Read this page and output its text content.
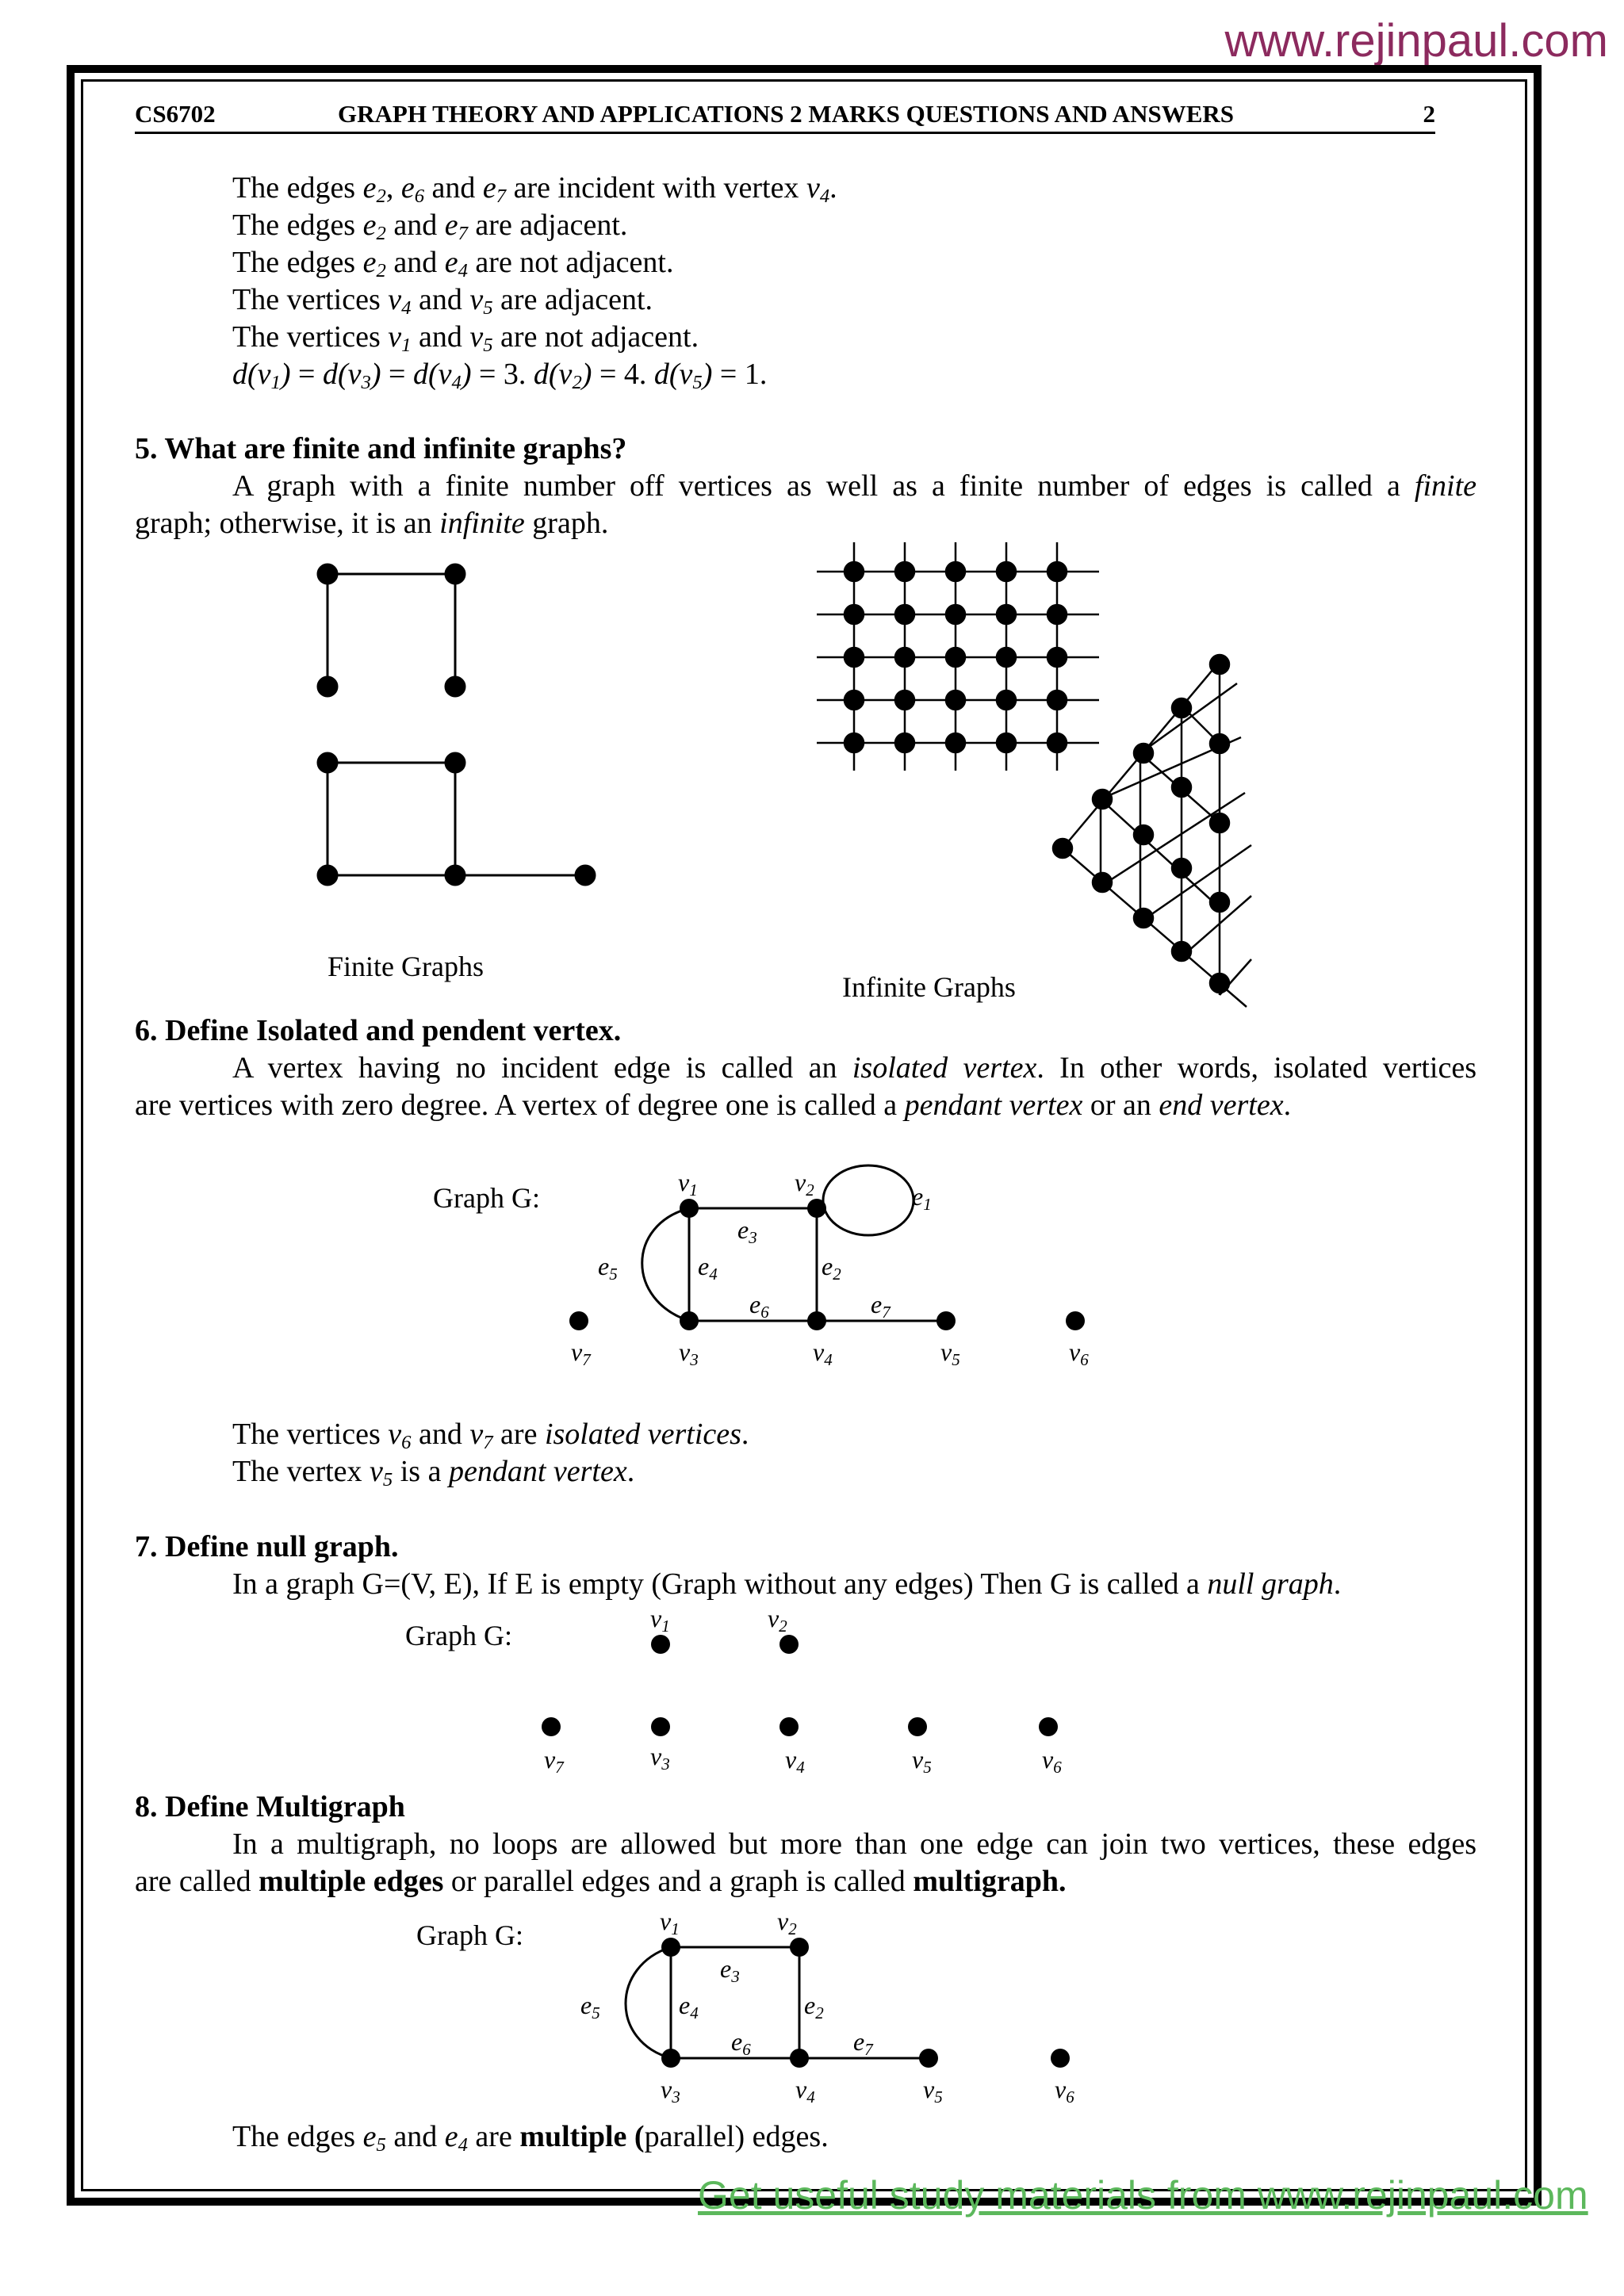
www.rejinpaul.com
CS6702	GRAPH THEORY AND APPLICATIONS 2 MARKS QUESTIONS AND ANSWERS	2
The edges $e_2$, $e_6$ and $e_7$ are incident with vertex $v_4$.
The edges $e_2$ and $e_7$ are adjacent.
The edges $e_2$ and $e_4$ are not adjacent.
The vertices $v_4$ and $v_5$ are adjacent.
The vertices $v_1$ and $v_5$ are not adjacent.
$d(v_1) = d(v_3) = d(v_4) = 3$. $d(v_2) = 4$. $d(v_5) = 1$.
5. What are finite and infinite graphs?
A graph with a finite number off vertices as well as a finite number of edges is called a finite
graph; otherwise, it is an infinite graph.
Finite Graphs
Infinite Graphs
6. Define Isolated and pendent vertex.
A vertex having no incident edge is called an isolated vertex. In other words, isolated vertices
are vertices with zero degree. A vertex of degree one is called a pendant vertex or an end vertex.
Graph G:
The vertices $v_6$ and $v_7$ are isolated vertices.
The vertex $v_5$ is a pendant vertex.
7. Define null graph.
In a graph G=(V, E), If E is empty (Graph without any edges) Then G is called a null graph.
Graph G:
8. Define Multigraph
In a multigraph, no loops are allowed but more than one edge can join two vertices, these edges
are called multiple edges or parallel edges and a graph is called multigraph.
Graph G:
The edges $e_5$ and $e_4$ are multiple (parallel) edges.
v1	v2	e1
e3
e5	e4	e2
e6	e7
v7	v3	v4	v5	v6
v1	v2
v7	v3	v4	v5	v6
v1	v2
e3
e5	e4	e2
e6	e7
v3	v4	v5	v6
Get useful study materials from www.rejinpaul.com
